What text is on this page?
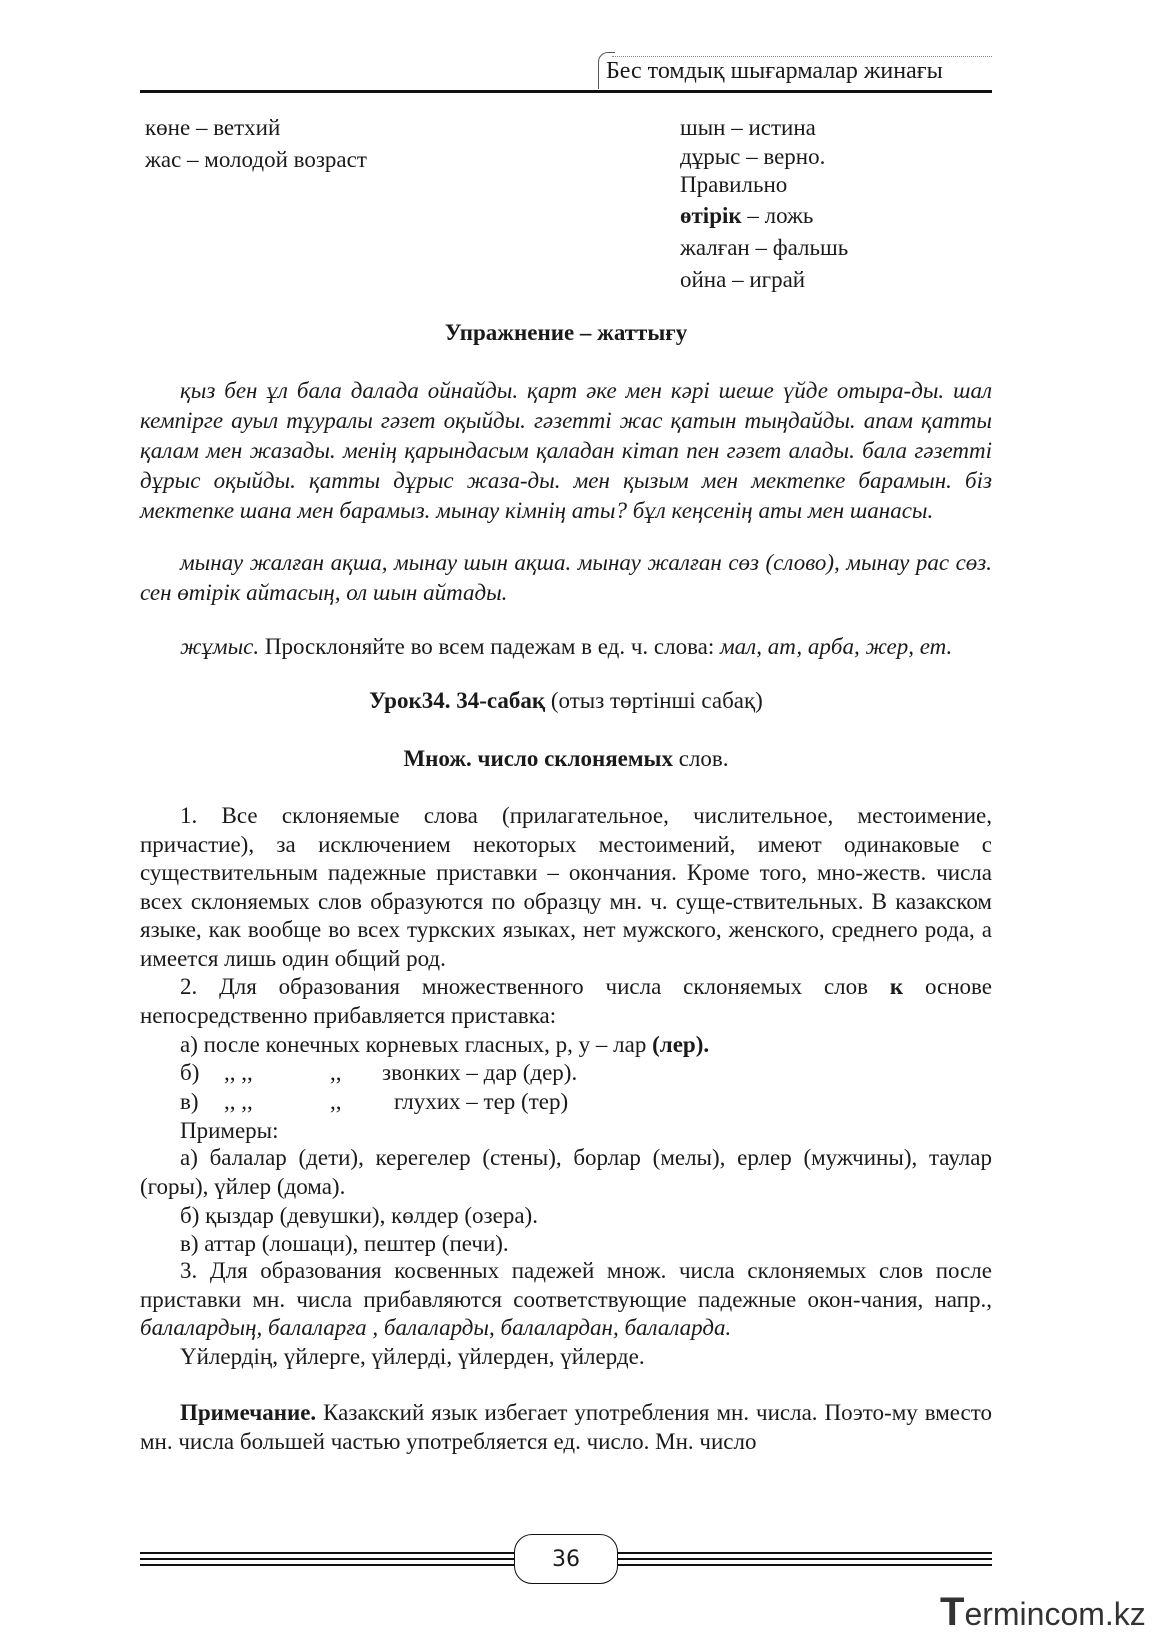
Бес томдық шығармалар жинағы
көне – ветхий
жас – молодой возраст
шын – истина
дұрыс – верно.
Правильно
өтірік – ложь
жалған – фальшь
ойна – играй
Упражнение – жаттығу
қыз бен ұл бала далада ойнайды. қарт әке мен кәрі шеше үйде отыра-ды. шал кемпірге ауыл тұуралы гәзет оқыйды. гәзетті жас қатын тыңдайды. апам қатты қалам мен жазады. менің қарындасым қаладан кітап пен гәзет алады. бала гәзетті дұрыс оқыйды. қатты дұрыс жаза-ды. мен қызым мен мектепке барамын. біз мектепке шана мен барамыз. мынау кімнің аты? бұл кеңсенің аты мен шанасы.
мынау жалған ақша, мынау шын ақша. мынау жалған сөз (слово), мынау рас сөз. сен өтірік айтасың, ол шын айтады.
жұмыс. Просклоняйте во всем падежам в ед. ч. слова: мал, ат, арба, жер, ет.
Урок34. 34-сабақ (отыз төртінші сабақ)
Множ. число склоняемых слов.
1. Все склоняемые слова (прилагательное, числительное, местоимение, причастие), за исключением некоторых местоимений, имеют одинаковые с существительным падежные приставки – окончания. Кроме того, мно-жеств. числа всех склоняемых слов образуются по образцу мн. ч. суще-ствительных. В казакском языке, как вообще во всех туркских языках, нет мужского, женского, среднего рода, а имеется лишь один общий род.
2. Для образования множественного числа склоняемых слов к основе непосредственно прибавляется приставка:
а) после конечных корневых гласных, р, у – лар (лер).
б) ,, ,,	,, звонких – дар (дер).
в) ,, ,,	,, глухих – тер (тер)
Примеры:
а) балалар (дети), керегелер (стены), борлар (мелы), ерлер (мужчины), таулар (горы), үйлер (дома).
б) қыздар (девушки), көлдер (озера).
в) аттар (лошаци), пештер (печи).
3. Для образования косвенных падежей множ. числа склоняемых слов после приставки мн. числа прибавляются соответствующие падежные окон-чания, напр., балалардың, балаларға , балаларды, балалардан, балаларда.
Үйлердің, үйлерге, үйлерді, үйлерден, үйлерде.
Примечание. Казакский язык избегает употребления мн. числа. Поэто-му вместо мн. числа большей частью употребляется ед. число. Мн. число
36
Termincom.kz
